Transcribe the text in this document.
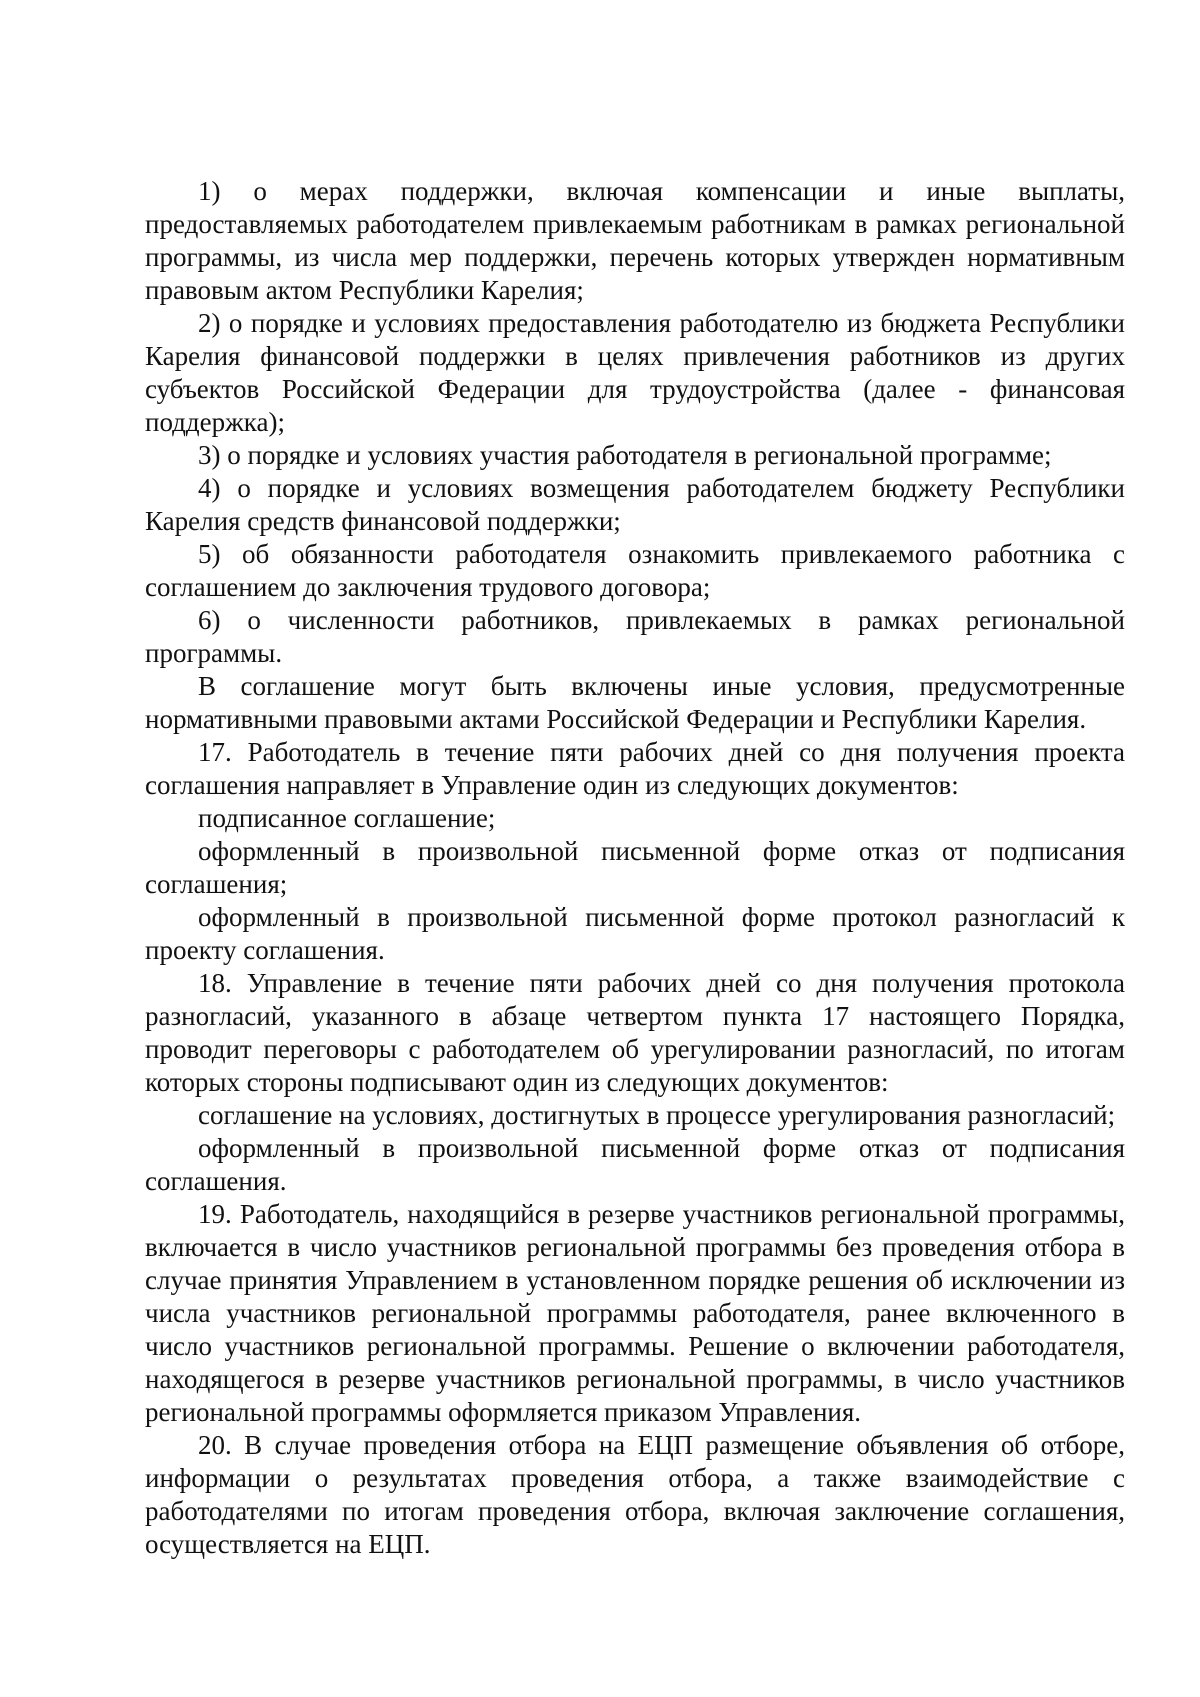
1) о мерах поддержки, включая компенсации и иные выплаты, предоставляемых работодателем привлекаемым работникам в рамках региональной программы, из числа мер поддержки, перечень которых утвержден нормативным правовым актом Республики Карелия;

2) о порядке и условиях предоставления работодателю из бюджета Республики Карелия финансовой поддержки в целях привлечения работников из других субъектов Российской Федерации для трудоустройства (далее - финансовая поддержка);

3) о порядке и условиях участия работодателя в региональной программе;

4) о порядке и условиях возмещения работодателем бюджету Республики Карелия средств финансовой поддержки;

5) об обязанности работодателя ознакомить привлекаемого работника с соглашением до заключения трудового договора;

6) о численности работников, привлекаемых в рамках региональной программы.

В соглашение могут быть включены иные условия, предусмотренные нормативными правовыми актами Российской Федерации и Республики Карелия.

17. Работодатель в течение пяти рабочих дней со дня получения проекта соглашения направляет в Управление один из следующих документов:

подписанное соглашение;

оформленный в произвольной письменной форме отказ от подписания соглашения;

оформленный в произвольной письменной форме протокол разногласий к проекту соглашения.

18. Управление в течение пяти рабочих дней со дня получения протокола разногласий, указанного в абзаце четвертом пункта 17 настоящего Порядка, проводит переговоры с работодателем об урегулировании разногласий, по итогам которых стороны подписывают один из следующих документов:

соглашение на условиях, достигнутых в процессе урегулирования разногласий;

оформленный в произвольной письменной форме отказ от подписания соглашения.

19. Работодатель, находящийся в резерве участников региональной программы, включается в число участников региональной программы без проведения отбора в случае принятия Управлением в установленном порядке решения об исключении из числа участников региональной программы работодателя, ранее включенного в число участников региональной программы. Решение о включении работодателя, находящегося в резерве участников региональной программы, в число участников региональной программы оформляется приказом Управления.

20. В случае проведения отбора на ЕЦП размещение объявления об отборе, информации о результатах проведения отбора, а также взаимодействие с работодателями по итогам проведения отбора, включая заключение соглашения, осуществляется на ЕЦП.
